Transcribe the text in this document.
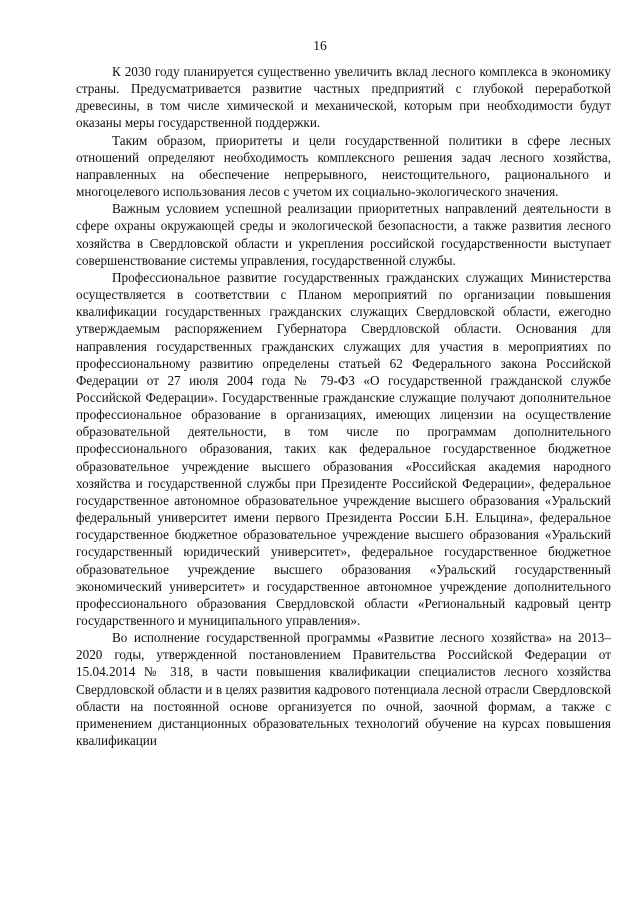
16

К 2030 году планируется существенно увеличить вклад лесного комплекса в экономику страны. Предусматривается развитие частных предприятий с глубокой переработкой древесины, в том числе химической и механической, которым при необходимости будут оказаны меры государственной поддержки.

Таким образом, приоритеты и цели государственной политики в сфере лесных отношений определяют необходимость комплексного решения задач лесного хозяйства, направленных на обеспечение непрерывного, неистощительного, рационального и многоцелевого использования лесов с учетом их социально-экологического значения.

Важным условием успешной реализации приоритетных направлений деятельности в сфере охраны окружающей среды и экологической безопасности, а также развития лесного хозяйства в Свердловской области и укрепления российской государственности выступает совершенствование системы управления, государственной службы.

Профессиональное развитие государственных гражданских служащих Министерства осуществляется в соответствии с Планом мероприятий по организации повышения квалификации государственных гражданских служащих Свердловской области, ежегодно утверждаемым распоряжением Губернатора Свердловской области. Основания для направления государственных гражданских служащих для участия в мероприятиях по профессиональному развитию определены статьей 62 Федерального закона Российской Федерации от 27 июля 2004 года № 79-ФЗ «О государственной гражданской службе Российской Федерации». Государственные гражданские служащие получают дополнительное профессиональное образование в организациях, имеющих лицензии на осуществление образовательной деятельности, в том числе по программам дополнительного профессионального образования, таких как федеральное государственное бюджетное образовательное учреждение высшего образования «Российская академия народного хозяйства и государственной службы при Президенте Российской Федерации», федеральное государственное автономное образовательное учреждение высшего образования «Уральский федеральный университет имени первого Президента России Б.Н. Ельцина», федеральное государственное бюджетное образовательное учреждение высшего образования «Уральский государственный юридический университет», федеральное государственное бюджетное образовательное учреждение высшего образования «Уральский государственный экономический университет» и государственное автономное учреждение дополнительного профессионального образования Свердловской области «Региональный кадровый центр государственного и муниципального управления».

Во исполнение государственной программы «Развитие лесного хозяйства» на 2013–2020 годы, утвержденной постановлением Правительства Российской Федерации от 15.04.2014 № 318, в части повышения квалификации специалистов лесного хозяйства Свердловской области и в целях развития кадрового потенциала лесной отрасли Свердловской области на постоянной основе организуется по очной, заочной формам, а также с применением дистанционных образовательных технологий обучение на курсах повышения квалификации
